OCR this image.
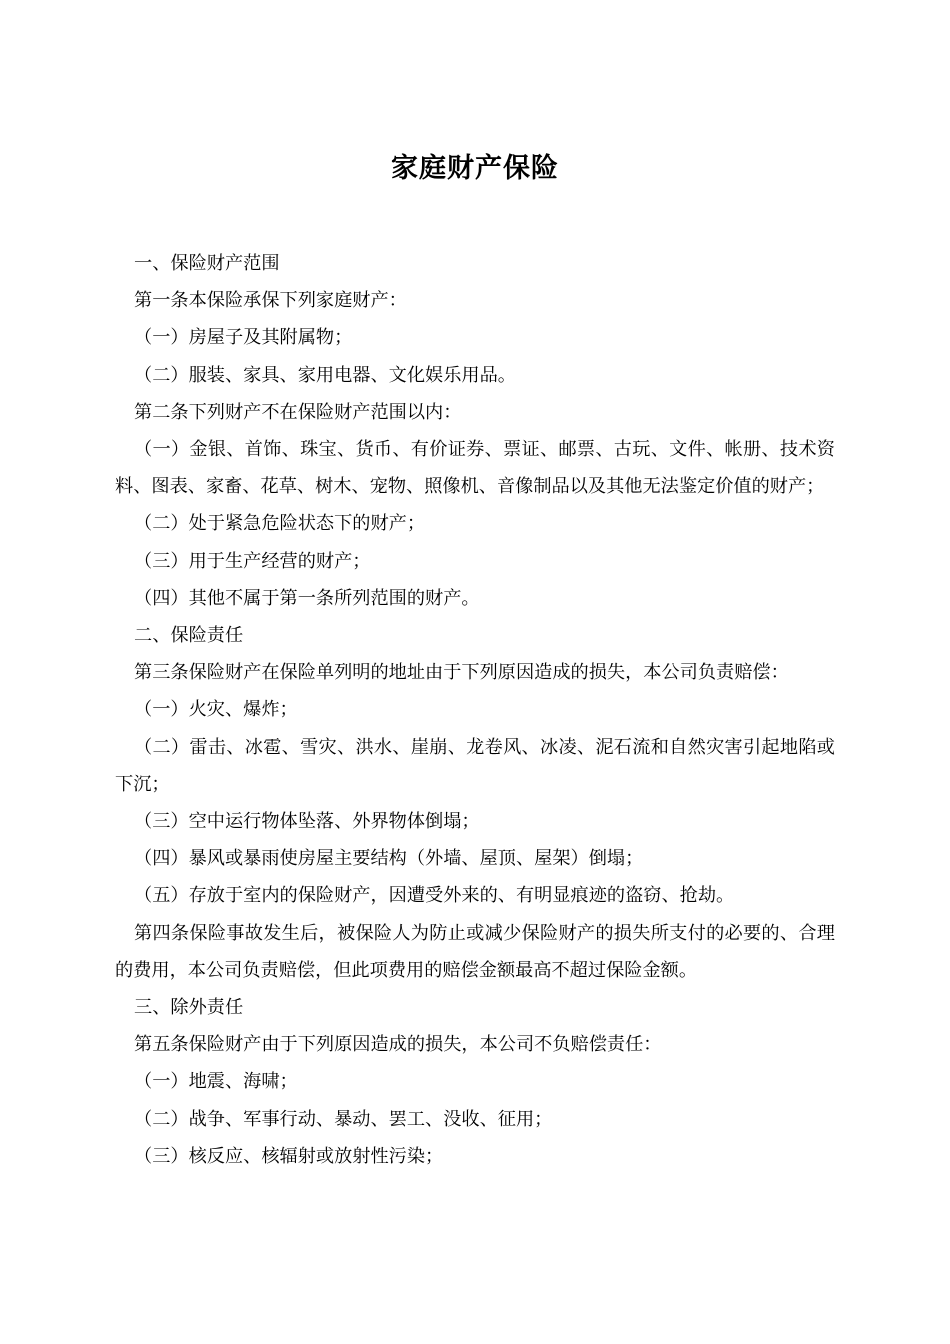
家庭财产保险

一、保险财产范围

第一条本保险承保下列家庭财产：

（一）房屋子及其附属物；

（二）服装、家具、家用电器、文化娱乐用品。

第二条下列财产不在保险财产范围以内：

（一）金银、首饰、珠宝、货币、有价证券、票证、邮票、古玩、文件、帐册、技术资料、图表、家畜、花草、树木、宠物、照像机、音像制品以及其他无法鉴定价值的财产；

（二）处于紧急危险状态下的财产；

（三）用于生产经营的财产；

（四）其他不属于第一条所列范围的财产。

二、保险责任

第三条保险财产在保险单列明的地址由于下列原因造成的损失，本公司负责赔偿：

（一）火灾、爆炸；

（二）雷击、冰雹、雪灾、洪水、崖崩、龙卷风、冰凌、泥石流和自然灾害引起地陷或下沉；

（三）空中运行物体坠落、外界物体倒塌；

（四）暴风或暴雨使房屋主要结构（外墙、屋顶、屋架）倒塌；

（五）存放于室内的保险财产，因遭受外来的、有明显痕迹的盗窃、抢劫。

第四条保险事故发生后，被保险人为防止或减少保险财产的损失所支付的必要的、合理的费用，本公司负责赔偿，但此项费用的赔偿金额最高不超过保险金额。

三、除外责任

第五条保险财产由于下列原因造成的损失，本公司不负赔偿责任：

（一）地震、海啸；

（二）战争、军事行动、暴动、罢工、没收、征用；

（三）核反应、核辐射或放射性污染；
